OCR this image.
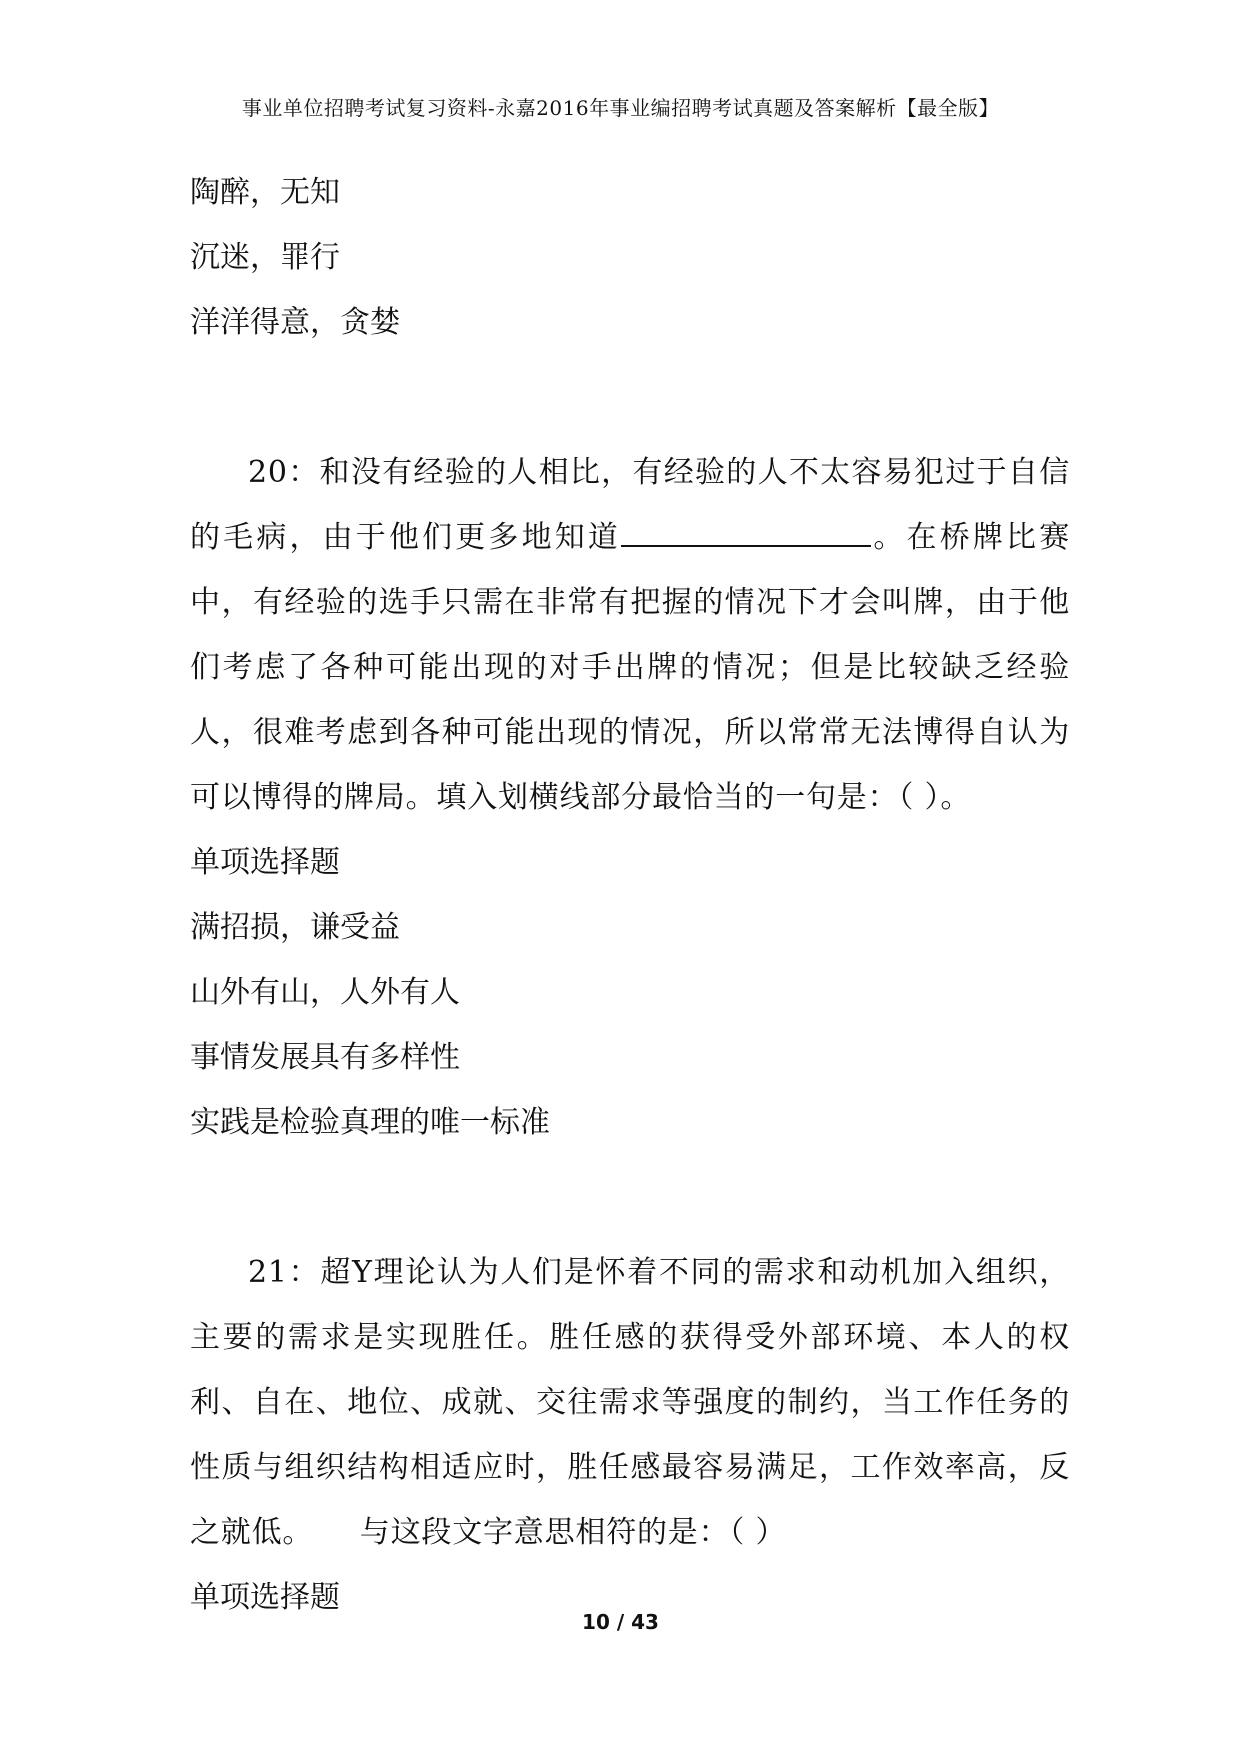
事业单位招聘考试复习资料-永嘉2016年事业编招聘考试真题及答案解析【最全版】
陶醉，无知
沉迷，罪行
洋洋得意，贪婪
20：和没有经验的人相比，有经验的人不太容易犯过于自信的毛病，由于他们更多地知道	。在桥牌比赛中，有经验的选手只需在非常有把握的情况下才会叫牌，由于他们考虑了各种可能出现的对手出牌的情况；但是比较缺乏经验人，很难考虑到各种可能出现的情况，所以常常无法博得自认为可以博得的牌局。填入划横线部分最恰当的一句是：（ ）。
单项选择题
满招损，谦受益
山外有山，人外有人
事情发展具有多样性
实践是检验真理的唯一标准
21：超Y理论认为人们是怀着不同的需求和动机加入组织，主要的需求是实现胜任。胜任感的获得受外部环境、本人的权利、自在、地位、成就、交往需求等强度的制约，当工作任务的性质与组织结构相适应时，胜任感最容易满足，工作效率高，反之就低。　　与这段文字意思相符的是：（ ）
单项选择题
10 / 43
